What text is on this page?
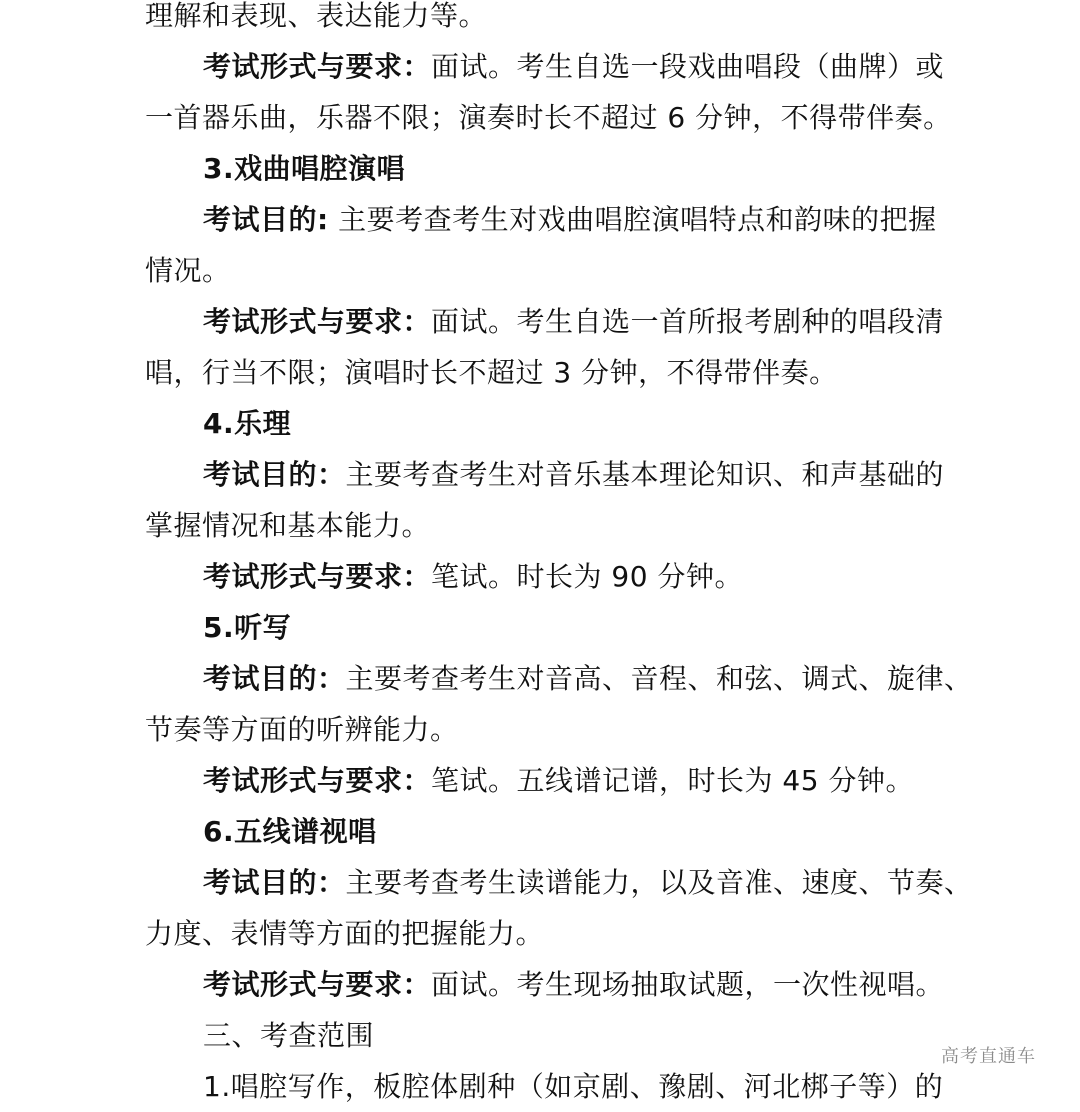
理解和表现、表达能力等。
考试形式与要求：面试。考生自选一段戏曲唱段（曲牌）或
一首器乐曲，乐器不限；演奏时长不超过 6 分钟，不得带伴奏。
3.戏曲唱腔演唱
考试目的: 主要考查考生对戏曲唱腔演唱特点和韵味的把握
情况。
考试形式与要求：面试。考生自选一首所报考剧种的唱段清
唱，行当不限；演唱时长不超过 3 分钟，不得带伴奏。
4.乐理
考试目的：主要考查考生对音乐基本理论知识、和声基础的
掌握情况和基本能力。
考试形式与要求：笔试。时长为 90 分钟。
5.听写
考试目的：主要考查考生对音高、音程、和弦、调式、旋律、
节奏等方面的听辨能力。
考试形式与要求：笔试。五线谱记谱，时长为 45 分钟。
6.五线谱视唱
考试目的：主要考查考生读谱能力，以及音准、速度、节奏、
力度、表情等方面的把握能力。
考试形式与要求：面试。考生现场抽取试题，一次性视唱。
三、考查范围
1.唱腔写作，板腔体剧种（如京剧、豫剧、河北梆子等）的
高考直通车
